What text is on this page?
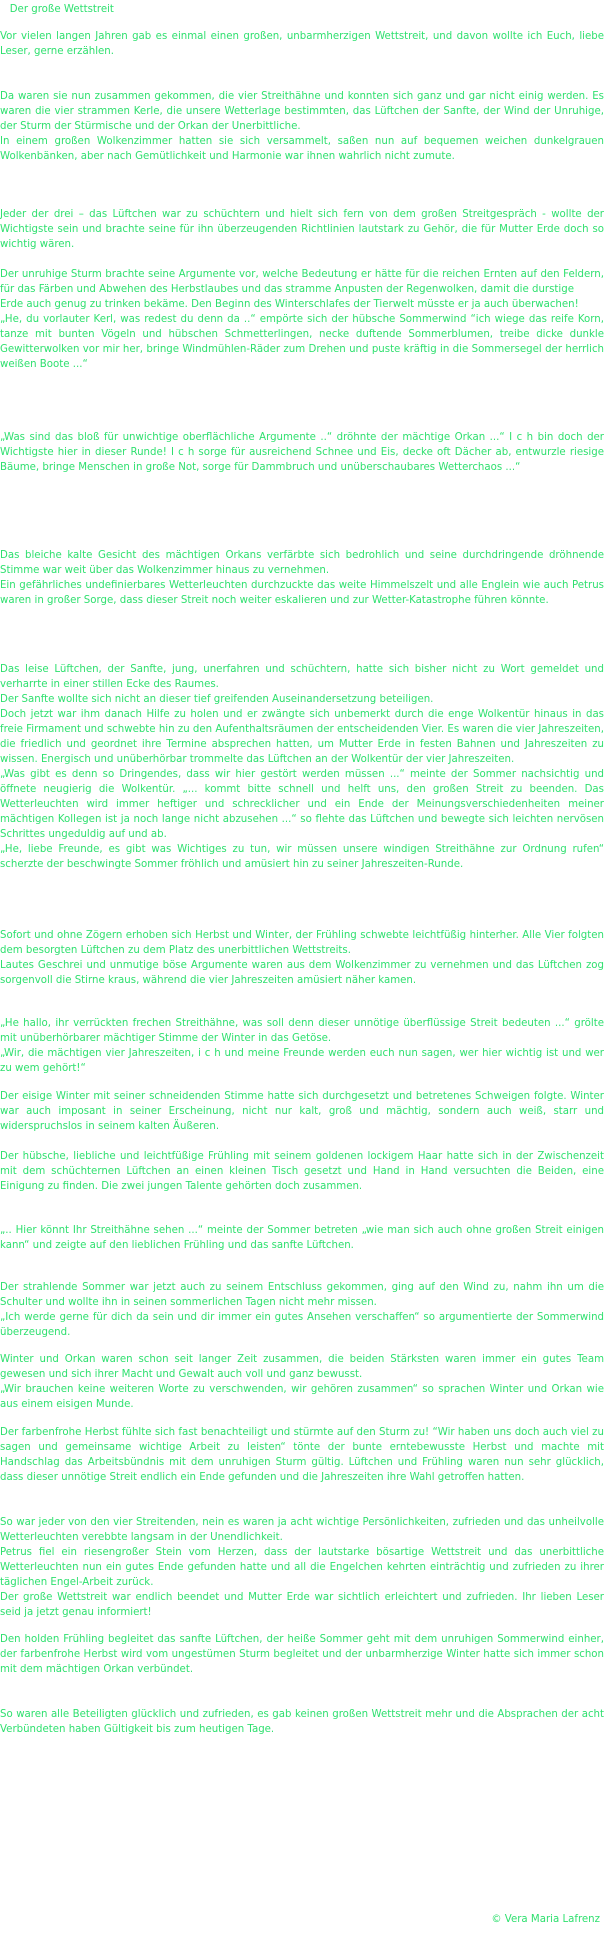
Der große Wettstreit

Vor vielen langen Jahren gab es einmal einen großen, unbarmherzigen Wettstreit, und davon wollte ich Euch, liebe Leser, gerne erzählen.

Da waren sie nun zusammen gekommen, die vier Streithähne und konnten sich ganz und gar nicht einig werden. Es waren die vier strammen Kerle, die unsere Wetterlage bestimmten, das Lüftchen der Sanfte, der Wind der Unruhige, der Sturm der Stürmische und der Orkan der Unerbittliche.
In einem großen Wolkenzimmer hatten sie sich versammelt, saßen nun auf bequemen weichen dunkelgrauen Wolkenbänken, aber nach Gemütlichkeit und Harmonie war ihnen wahrlich nicht zumute.

Jeder der drei – das Lüftchen war zu schüchtern und hielt sich fern von dem großen Streitgespräch - wollte der Wichtigste sein und brachte seine für ihn überzeugenden Richtlinien lautstark zu Gehör, die für Mutter Erde doch so wichtig wären.

Der unruhige Sturm brachte seine Argumente vor, welche Bedeutung er hätte für die reichen Ernten auf den Feldern, für das Färben und Abwehen des Herbstlaubes und das stramme Anpusten der Regenwolken, damit die durstige
Erde auch genug zu trinken bekäme. Den Beginn des Winterschlafes der Tierwelt müsste er ja auch überwachen!
„He, du vorlauter Kerl, was redest du denn da ..“ empörte sich der hübsche Sommerwind “ich wiege das reife Korn, tanze mit bunten Vögeln und hübschen Schmetterlingen, necke duftende Sommerblumen, treibe dicke dunkle Gewitterwolken vor mir her, bringe Windmühlen-Räder zum Drehen und puste kräftig in die Sommersegel der herrlich weißen Boote ...“

„Was sind das bloß für unwichtige oberflächliche Argumente ..“ dröhnte der mächtige Orkan ...“ I c h bin doch der Wichtigste hier in dieser Runde! I c h sorge für ausreichend Schnee und Eis, decke oft Dächer ab, entwurzle riesige Bäume, bringe Menschen in große Not, sorge für Dammbruch und unüberschaubares Wetterchaos ...“

Das bleiche kalte Gesicht des mächtigen Orkans verfärbte sich bedrohlich und seine durchdringende dröhnende Stimme war weit über das Wolkenzimmer hinaus zu vernehmen.
Ein gefährliches undefinierbares Wetterleuchten durchzuckte das weite Himmelszelt und alle Englein wie auch Petrus waren in großer Sorge, dass dieser Streit noch weiter eskalieren und zur Wetter-Katastrophe führen könnte.

Das leise Lüftchen, der Sanfte, jung, unerfahren und schüchtern, hatte sich bisher nicht zu Wort gemeldet und verharrte in einer stillen Ecke des Raumes.
Der Sanfte wollte sich nicht an dieser tief greifenden Auseinandersetzung beteiligen.
Doch jetzt war ihm danach Hilfe zu holen und er zwängte sich unbemerkt durch die enge Wolkentür hinaus in das freie Firmament und schwebte hin zu den Aufenthaltsräumen der entscheidenden Vier. Es waren die vier Jahreszeiten, die friedlich und geordnet ihre Termine absprechen hatten, um Mutter Erde in festen Bahnen und Jahreszeiten zu wissen. Energisch und unüberhörbar trommelte das Lüftchen an der Wolkentür der vier Jahreszeiten.
„Was gibt es denn so Dringendes, dass wir hier gestört werden müssen ...“ meinte der Sommer nachsichtig und öffnete neugierig die Wolkentür. „... kommt bitte schnell und helft uns, den großen Streit zu beenden. Das Wetterleuchten wird immer heftiger und schrecklicher und ein Ende der Meinungsverschiedenheiten meiner mächtigen Kollegen ist ja noch lange nicht abzusehen ...“ so flehte das Lüftchen und bewegte sich leichten nervösen Schrittes ungeduldig auf und ab.
„He, liebe Freunde, es gibt was Wichtiges zu tun, wir müssen unsere windigen Streithähne zur Ordnung rufen“ scherzte der beschwingte Sommer fröhlich und amüsiert hin zu seiner Jahreszeiten-Runde.

Sofort und ohne Zögern erhoben sich Herbst und Winter, der Frühling schwebte leichtfüßig hinterher. Alle Vier folgten dem besorgten Lüftchen zu dem Platz des unerbittlichen Wettstreits.
Lautes Geschrei und unmutige böse Argumente waren aus dem Wolkenzimmer zu vernehmen und das Lüftchen zog sorgenvoll die Stirne kraus, während die vier Jahreszeiten amüsiert näher kamen.

„He hallo, ihr verrückten frechen Streithähne, was soll denn dieser unnötige überflüssige Streit bedeuten ...“ grölte mit unüberhörbarer mächtiger Stimme der Winter in das Getöse.
„Wir, die mächtigen vier Jahreszeiten, i c h und meine Freunde werden euch nun sagen, wer hier wichtig ist und wer zu wem gehört!“

Der eisige Winter mit seiner schneidenden Stimme hatte sich durchgesetzt und betretenes Schweigen folgte. Winter war auch imposant in seiner Erscheinung, nicht nur kalt, groß und mächtig, sondern auch weiß, starr und widerspruchslos in seinem kalten Äußeren.

Der hübsche, liebliche und leichtfüßige Frühling mit seinem goldenen lockigem Haar hatte sich in der Zwischenzeit mit dem schüchternen Lüftchen an einen kleinen Tisch gesetzt und Hand in Hand versuchten die Beiden, eine Einigung zu finden. Die zwei jungen Talente gehörten doch zusammen.

„.. Hier könnt Ihr Streithähne sehen ...“ meinte der Sommer betreten „wie man sich auch ohne großen Streit einigen kann“ und zeigte auf den lieblichen Frühling und das sanfte Lüftchen.

Der strahlende Sommer war jetzt auch zu seinem Entschluss gekommen, ging auf den Wind zu, nahm ihn um die Schulter und wollte ihn in seinen sommerlichen Tagen nicht mehr missen.
„Ich werde gerne für dich da sein und dir immer ein gutes Ansehen verschaffen“ so argumentierte der Sommerwind überzeugend.

Winter und Orkan waren schon seit langer Zeit zusammen, die beiden Stärksten waren immer ein gutes Team gewesen und sich ihrer Macht und Gewalt auch voll und ganz bewusst.
„Wir brauchen keine weiteren Worte zu verschwenden, wir gehören zusammen“ so sprachen Winter und Orkan wie aus einem eisigen Munde.

Der farbenfrohe Herbst fühlte sich fast benachteiligt und stürmte auf den Sturm zu! “Wir haben uns doch auch viel zu sagen und gemeinsame wichtige Arbeit zu leisten“ tönte der bunte erntebewusste Herbst und machte mit Handschlag das Arbeitsbündnis mit dem unruhigen Sturm gültig. Lüftchen und Frühling waren nun sehr glücklich, dass dieser unnötige Streit endlich ein Ende gefunden und die Jahreszeiten ihre Wahl getroffen hatten.

So war jeder von den vier Streitenden, nein es waren ja acht wichtige Persönlichkeiten, zufrieden und das unheilvolle Wetterleuchten verebbte langsam in der Unendlichkeit.
Petrus fiel ein riesengroßer Stein vom Herzen, dass der lautstarke bösartige Wettstreit und das unerbittliche Wetterleuchten nun ein gutes Ende gefunden hatte und all die Engelchen kehrten einträchtig und zufrieden zu ihrer täglichen Engel-Arbeit zurück.
Der große Wettstreit war endlich beendet und Mutter Erde war sichtlich erleichtert und zufrieden. Ihr lieben Leser seid ja jetzt genau informiert!

Den holden Frühling begleitet das sanfte Lüftchen, der heiße Sommer geht mit dem unruhigen Sommerwind einher, der farbenfrohe Herbst wird vom ungestümen Sturm begleitet und der unbarmherzige Winter hatte sich immer schon mit dem mächtigen Orkan verbündet.

So waren alle Beteiligten glücklich und zufrieden, es gab keinen großen Wettstreit mehr und die Absprachen der acht Verbündeten haben Gültigkeit bis zum heutigen Tage.

© Vera Maria Lafrenz
